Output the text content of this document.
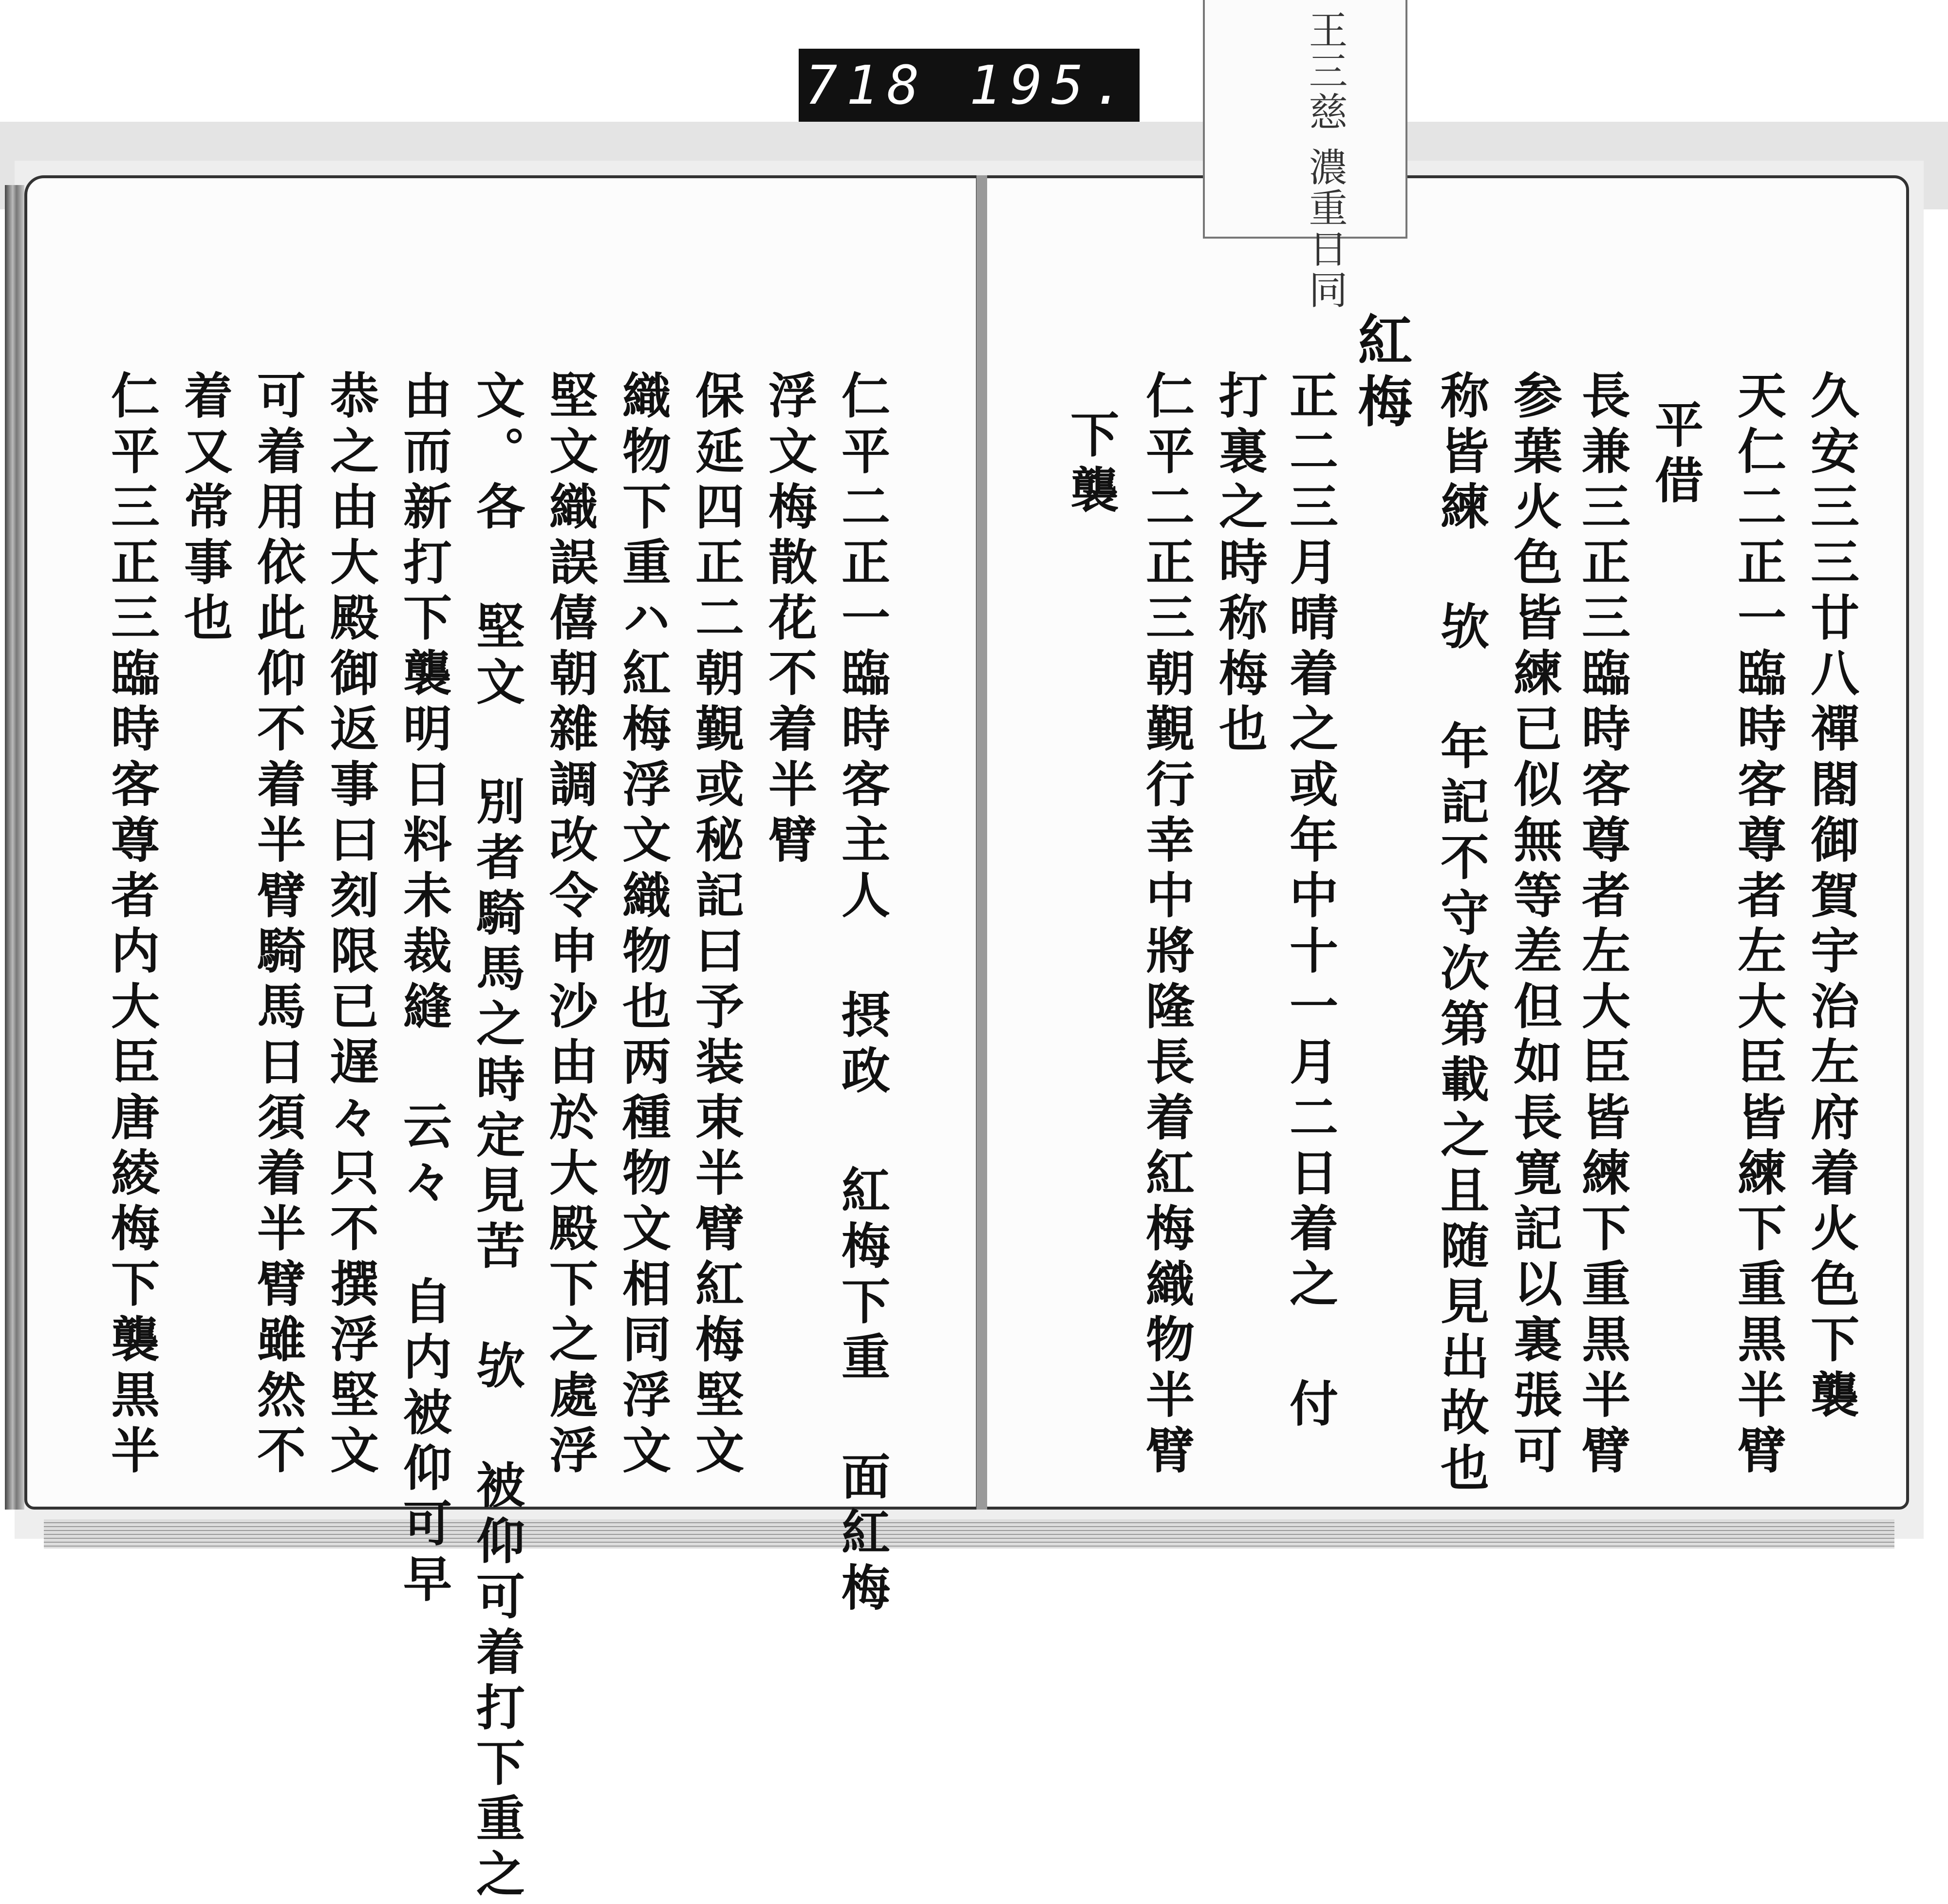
718 195.	王三慈 濃重日同
久安三三廿八禪閤御賀宇治左府着火色下襲
天仁二正一臨時客尊者左大臣皆練下重黒半臂
平借
長兼三正三臨時客尊者左大臣皆練下重黒半臂
参葉火色皆練已似無等差但如長寛記以裏張可
称皆練 欤 年記不守次第載之且随見出故也
紅梅
正二三月晴着之或年中十一月二日着之 付
打裏之時称梅也
仁平二正三朝覲行幸中將隆長着紅梅織物半臂
下襲
仁平二正一臨時客主人 摂政 紅梅下重 面紅梅
浮文梅散花不着半臂
保延四正二朝覲或秘記曰予装束半臂紅梅堅文
織物下重ハ紅梅浮文織物也两種物文相同浮文
堅文織誤僖朝雜調改令申沙由於大殿下之處浮
文。各 堅文 別者騎馬之時定見苦 欤 被仰可着打下重之
由而新打下襲明日料未裁縫 云々 自内被仰可早
恭之由大殿御返事曰刻限已遅々只不撰浮堅文
可着用依此仰不着半臂騎馬日須着半臂雖然不
着又常事也
仁平三正三臨時客尊者内大臣唐綾梅下襲黒半
